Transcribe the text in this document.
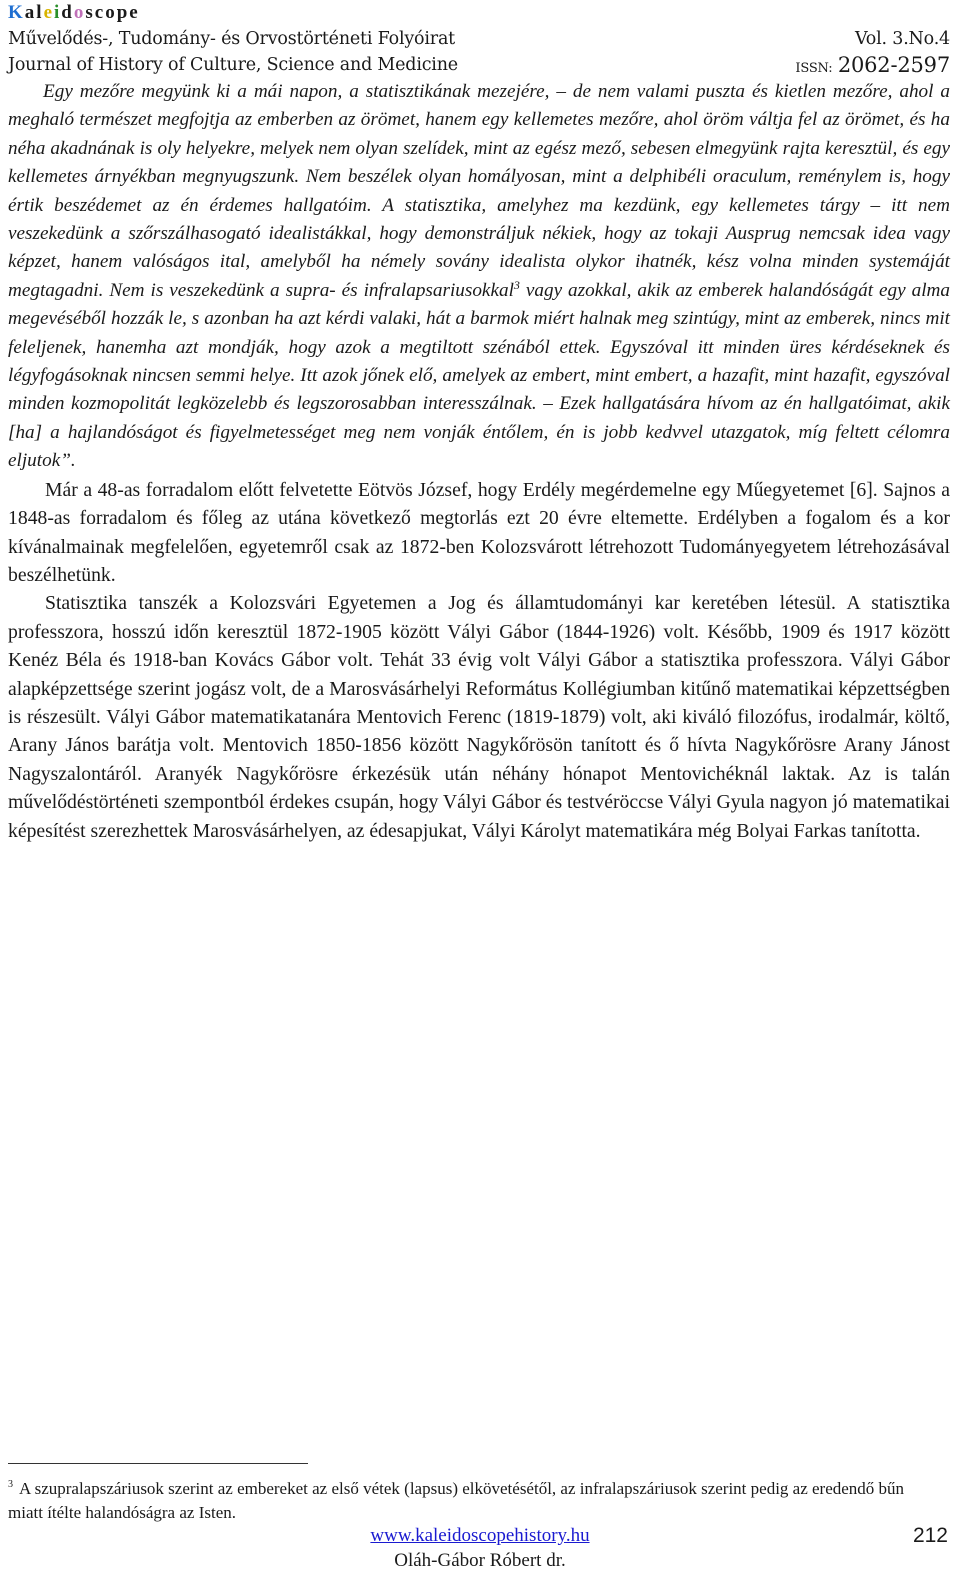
Kaleidoscope
Művelődés-, Tudomány- és Orvostörténeti Folyóirat	Vol. 3.No.4
Journal of History of Culture, Science and Medicine	ISSN: 2062-2597

Egy mezőre megyünk ki a mái napon, a statisztikának mezejére, – de nem valami puszta és kietlen mezőre, ahol a meghaló természet megfojtja az emberben az örömet, hanem egy kellemetes mezőre, ahol öröm váltja fel az örömet, és ha néha akadnának is oly helyekre, melyek nem olyan szelídek, mint az egész mező, sebesen elmegyünk rajta keresztül, és egy kellemetes árnyékban megnyugszunk. Nem beszélek olyan homályosan, mint a delphibéli oraculum, reménylem is, hogy értik beszédemet az én érdemes hallgatóim. A statisztika, amelyhez ma kezdünk, egy kellemetes tárgy – itt nem veszekedünk a szőrszálhasogató idealistákkal, hogy demonstráljuk nékiek, hogy az tokaji Ausprug nemcsak idea vagy képzet, hanem valóságos ital, amelyből ha némely sovány idealista olykor ihatnék, kész volna minden systemáját megtagadni. Nem is veszekedünk a supra- és infralapsariusokkal$^3$ vagy azokkal, akik az emberek halandóságát egy alma megevéséből hozzák le, s azonban ha azt kérdi valaki, hát a barmok miért halnak meg szintúgy, mint az emberek, nincs mit feleljenek, hanemha azt mondják, hogy azok a megtiltott szénából ettek. Egyszóval itt minden üres kérdéseknek és légyfogásoknak nincsen semmi helye. Itt azok jőnek elő, amelyek az embert, mint embert, a hazafit, mint hazafit, egyszóval minden kozmopolitát legközelebb és legszorosabban interesszálnak. – Ezek hallgatására hívom az én hallgatóimat, akik [ha] a hajlandóságot és figyelmetességet meg nem vonják éntőlem, én is jobb kedvvel utazgatok, míg feltett célomra eljutok”.

Már a 48-as forradalom előtt felvetette Eötvös József, hogy Erdély megérdemelne egy Műegyetemet [6]. Sajnos a 1848-as forradalom és főleg az utána következő megtorlás ezt 20 évre eltemette. Erdélyben a fogalom és a kor kívánalmainak megfelelően, egyetemről csak az 1872-ben Kolozsvárott létrehozott Tudományegyetem létrehozásával beszélhetünk.

Statisztika tanszék a Kolozsvári Egyetemen a Jog és államtudományi kar keretében létesül. A statisztika professzora, hosszú időn keresztül 1872-1905 között Vályi Gábor (1844-1926) volt. Később, 1909 és 1917 között Kenéz Béla és 1918-ban Kovács Gábor volt. Tehát 33 évig volt Vályi Gábor a statisztika professzora. Vályi Gábor alapképzettsége szerint jogász volt, de a Marosvásárhelyi Református Kollégiumban kitűnő matematikai képzettségben is részesült. Vályi Gábor matematikatanára Mentovich Ferenc (1819-1879) volt, aki kiváló filozófus, irodalmár, költő, Arany János barátja volt. Mentovich 1850-1856 között Nagykőrösön tanított és ő hívta Nagykőrösre Arany Jánost Nagyszalontáról. Aranyék Nagykőrösre érkezésük után néhány hónapot Mentovichéknál laktak. Az is talán művelődéstörténeti szempontból érdekes csupán, hogy Vályi Gábor és testvéröccse Vályi Gyula nagyon jó matematikai képesítést szerezhettek Marosvásárhelyen, az édesapjukat, Vályi Károlyt matematikára még Bolyai Farkas tanította.

$^3$ A szupralapszáriusok szerint az embereket az első vétek (lapsus) elkövetésétől, az infralapszáriusok szerint pedig az eredendő bűn miatt ítélte halandóságra az Isten.
www.kaleidoscopehistory.hu
Oláh-Gábor Róbert dr.
212
